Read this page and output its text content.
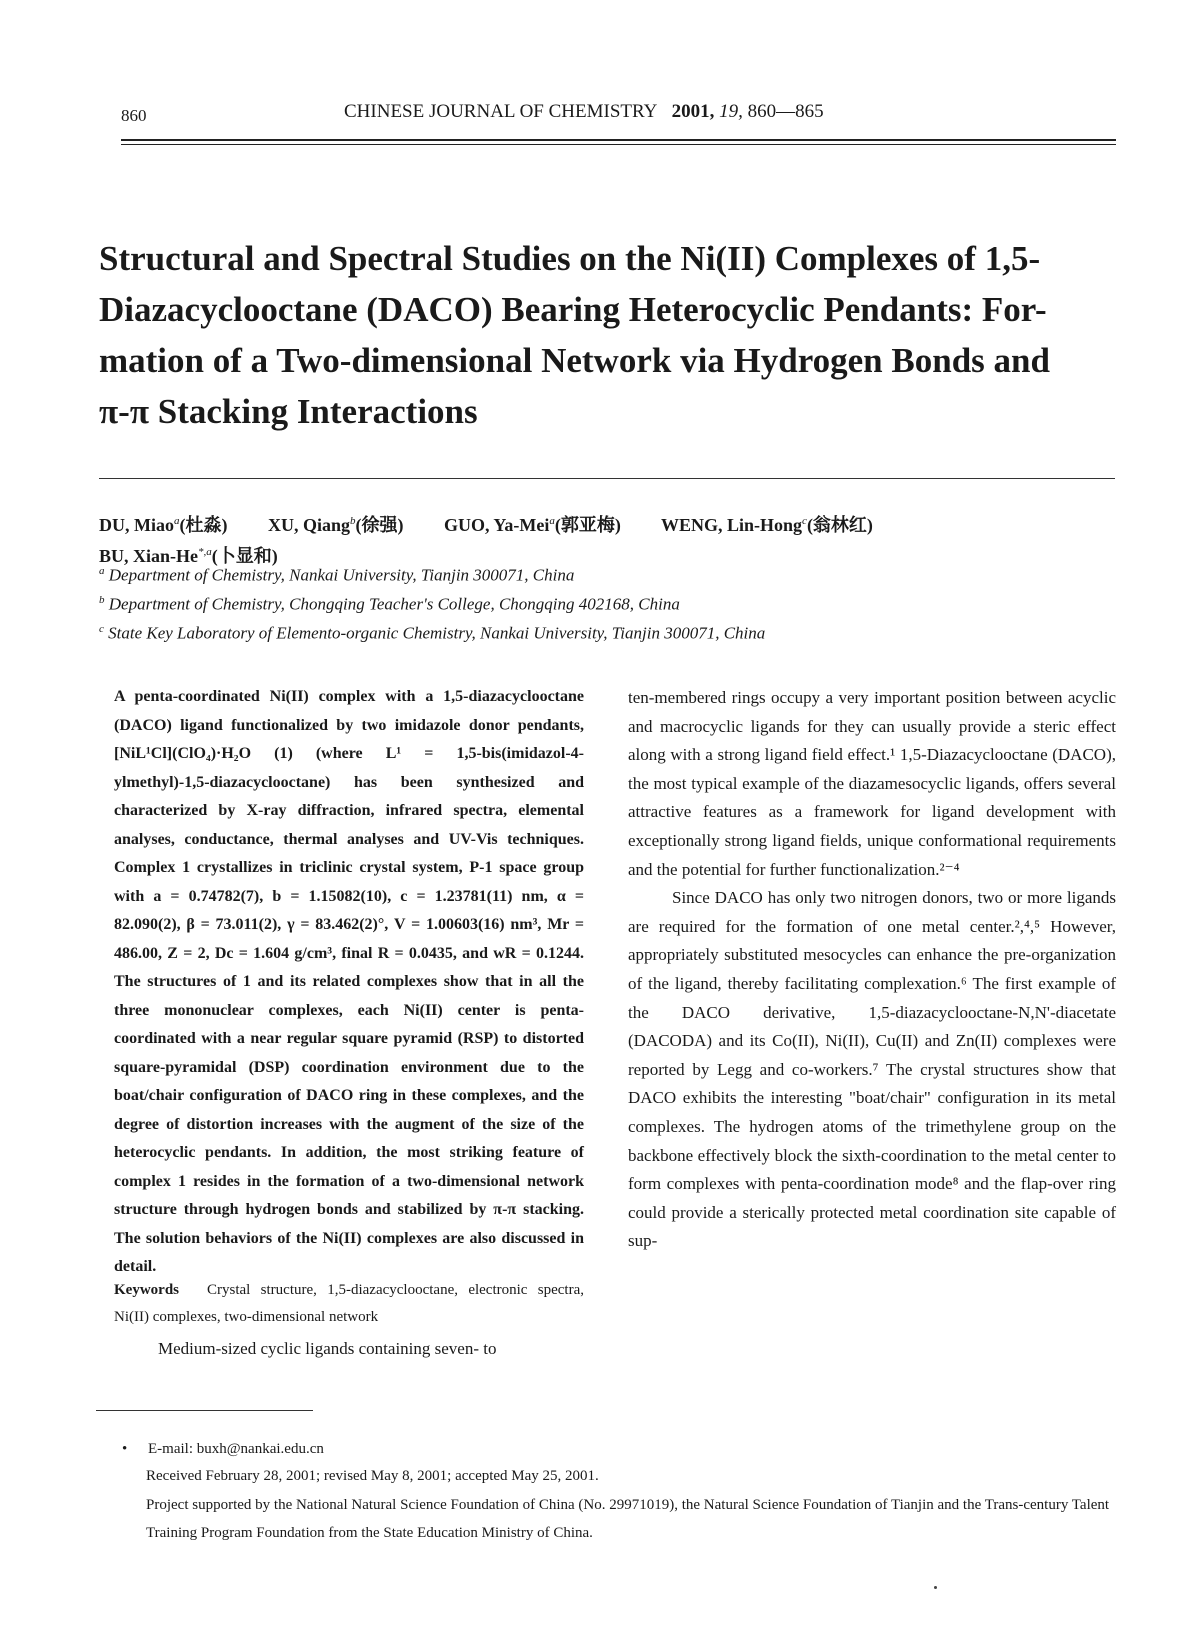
860	CHINESE JOURNAL OF CHEMISTRY 2001, 19, 860—865
Structural and Spectral Studies on the Ni(II) Complexes of 1,5-
Diazacyclooctane (DACO) Bearing Heterocyclic Pendants: For-
mation of a Two-dimensional Network via Hydrogen Bonds and
π-π Stacking Interactions
DU, Miao$^a$(杜淼) XU, Qiang$^b$(徐强) GUO, Ya-Mei$^a$(郭亚梅) WENG, Lin-Hong$^c$(翁林红)
BU, Xian-$He^{*,a}$(卜显和)
$^a$ Department of Chemistry, Nankai University, Tianjin 300071, China
$^b$ Department of Chemistry, Chongqing Teacher's College, Chongqing 402168, China
$^c$ State Key Laboratory of Elemento-organic Chemistry, Nankai University, Tianjin 300071, China
A penta-coordinated Ni(II) complex with a 1,5-diazacyclooctane (DACO) ligand functionalized by two imidazole donor pendants, [NiL¹Cl](ClO₄)·H₂O (1) (where L¹ = 1,5-bis(imidazol-4-ylmethyl)-1,5-diazacyclooctane) has been synthesized and characterized by X-ray diffraction, infrared spectra, elemental analyses, conductance, thermal analyses and UV-Vis techniques. Complex 1 crystallizes in triclinic crystal system, P-1 space group with a = 0.74782(7), b = 1.15082(10), c = 1.23781(11) nm, α = 82.090(2), β = 73.011(2), γ = 83.462(2)°, V = 1.00603(16) nm³, Mr = 486.00, Z = 2, Dc = 1.604 g/cm³, final R = 0.0435, and wR = 0.1244. The structures of 1 and its related complexes show that in all the three mononuclear complexes, each Ni(II) center is penta-coordinated with a near regular square pyramid (RSP) to distorted square-pyramidal (DSP) coordination environment due to the boat/chair configuration of DACO ring in these complexes, and the degree of distortion increases with the augment of the size of the heterocyclic pendants. In addition, the most striking feature of complex 1 resides in the formation of a two-dimensional network structure through hydrogen bonds and stabilized by π-π stacking. The solution behaviors of the Ni(II) complexes are also discussed in detail.
Keywords Crystal structure, 1,5-diazacyclooctane, electronic spectra, Ni(II) complexes, two-dimensional network
Medium-sized cyclic ligands containing seven- to

ten-membered rings occupy a very important position between acyclic and macrocyclic ligands for they can usually provide a steric effect along with a strong ligand field effect.¹ 1,5-Diazacyclooctane (DACO), the most typical example of the diazamesocyclic ligands, offers several attractive features as a framework for ligand development with exceptionally strong ligand fields, unique conformational requirements and the potential for further functionalization.²⁻⁴

Since DACO has only two nitrogen donors, two or more ligands are required for the formation of one metal center.²,⁴,⁵ However, appropriately substituted mesocycles can enhance the pre-organization of the ligand, thereby facilitating complexation.⁶ The first example of the DACO derivative, 1,5-diazacyclooctane-N,N'-diacetate (DACODA) and its Co(II), Ni(II), Cu(II) and Zn(II) complexes were reported by Legg and co-workers.⁷ The crystal structures show that DACO exhibits the interesting "boat/chair" configuration in its metal complexes. The hydrogen atoms of the trimethylene group on the backbone effectively block the sixth-coordination to the metal center to form complexes with penta-coordination mode⁸ and the flap-over ring could provide a sterically protected metal coordination site capable of sup-

• E-mail: buxh@nankai.edu.cn
Received February 28, 2001; revised May 8, 2001; accepted May 25, 2001.
Project supported by the National Natural Science Foundation of China (No. 29971019), the Natural Science Foundation of Tianjin and the Trans-century Talent Training Program Foundation from the State Education Ministry of China.
